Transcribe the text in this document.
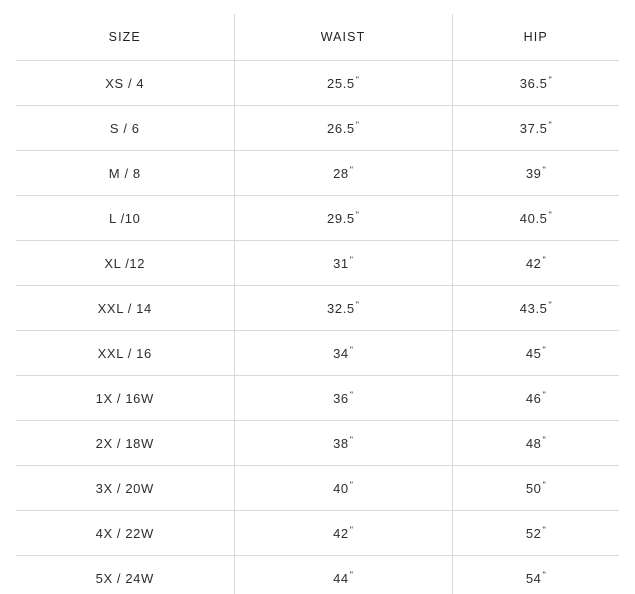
SIZE	WAIST	HIP
XS / 4	25.5"	36.5"
S / 6	26.5"	37.5"
M / 8	28"	39"
L /10	29.5"	40.5"
XL /12	31"	42"
XXL / 14	32.5"	43.5"
XXL / 16	34"	45"
1X / 16W	36"	46"
2X / 18W	38"	48"
3X / 20W	40"	50"
4X / 22W	42"	52"
5X / 24W	44"	54"
